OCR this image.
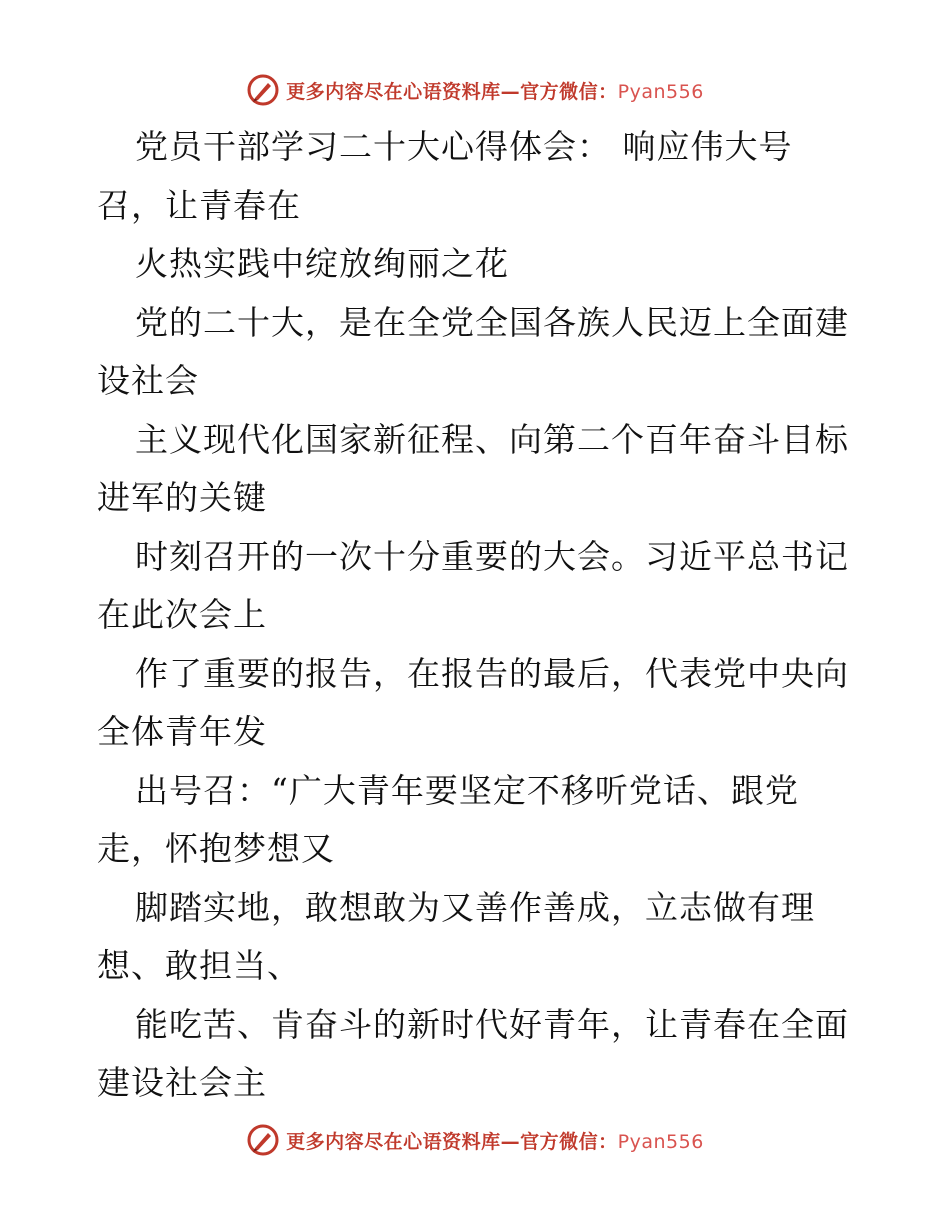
更多内容尽在心语资料库—官方微信：Pyan556
党员干部学习二十大心得体会： 响应伟大号
召，让青春在
火热实践中绽放绚丽之花
党的二十大，是在全党全国各族人民迈上全面建
设社会
主义现代化国家新征程、向第二个百年奋斗目标
进军的关键
时刻召开的一次十分重要的大会。习近平总书记
在此次会上
作了重要的报告，在报告的最后，代表党中央向
全体青年发
出号召：“广大青年要坚定不移听党话、跟党
走，怀抱梦想又
脚踏实地，敢想敢为又善作善成，立志做有理
想、敢担当、
能吃苦、肯奋斗的新时代好青年，让青春在全面
建设社会主
更多内容尽在心语资料库—官方微信：Pyan556
